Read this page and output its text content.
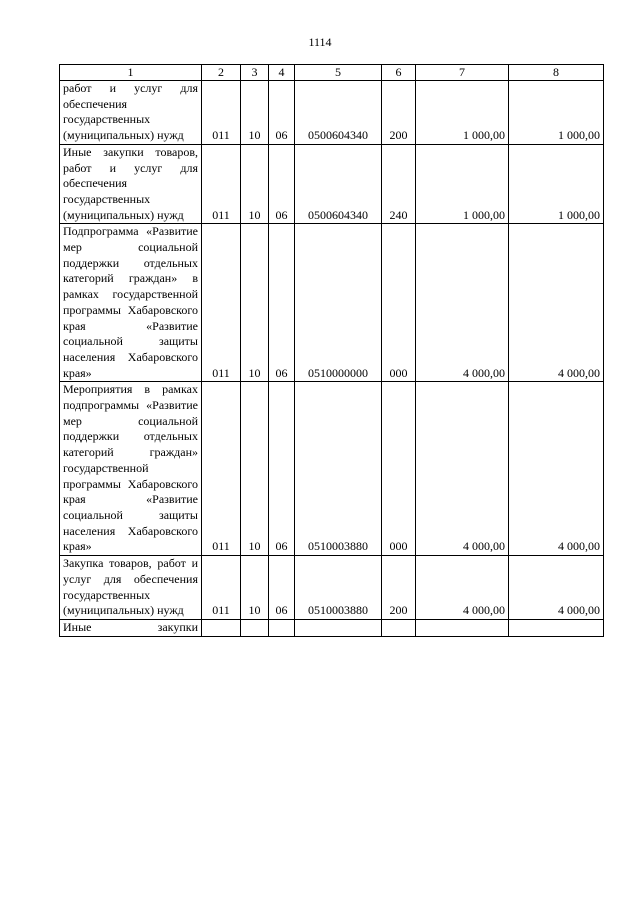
1114
1	2	3	4	5	6	7	8
работ и услуг для обеспечения государственных (муниципальных) нужд	011	10	06	0500604340	200	1 000,00	1 000,00
Иные закупки товаров, работ и услуг для обеспечения государственных (муниципальных) нужд	011	10	06	0500604340	240	1 000,00	1 000,00
Подпрограмма «Развитие мер социальной поддержки отдельных категорий граждан» в рамках государственной программы Хабаровского края «Развитие социальной защиты населения Хабаровского края»	011	10	06	0510000000	000	4 000,00	4 000,00
Мероприятия в рамках подпрограммы «Развитие мер социальной поддержки отдельных категорий граждан» государственной программы Хабаровского края «Развитие социальной защиты населения Хабаровского края»	011	10	06	0510003880	000	4 000,00	4 000,00
Закупка товаров, работ и услуг для обеспечения государственных (муниципальных) нужд	011	10	06	0510003880	200	4 000,00	4 000,00
Иные закупки							
